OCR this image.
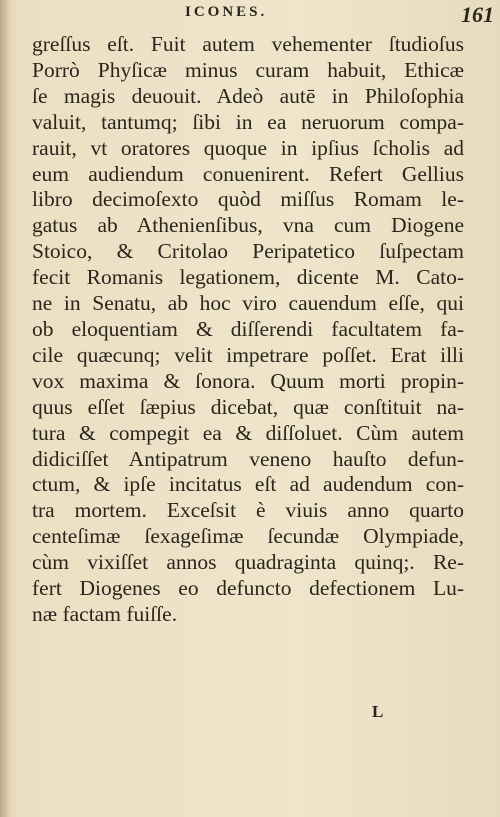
ICONES.	161
greſſus eſt. Fuit autem vehementer ſtudioſus
Porrò Phyſicæ minus curam habuit, Ethicæ
ſe magis deuouit. Adeò autē in Philoſophia
valuit, tantumq; ſibi in ea neruorum compa-
rauit, vt oratores quoque in ipſius ſcholis ad
eum audiendum conuenirent. Refert Gellius
libro decimoſexto quòd miſſus Romam le-
gatus ab Athenienſibus, vna cum Diogene
Stoico, & Critolao Peripatetico ſuſpectam
fecit Romanis legationem, dicente M. Cato-
ne in Senatu, ab hoc viro cauendum eſſe, qui
ob eloquentiam & diſſerendi facultatem fa-
cile quæcunq; velit impetrare poſſet. Erat illi
vox maxima & ſonora. Quum morti propin-
quus eſſet ſæpius dicebat, quæ conſtituit na-
tura & compegit ea & diſſoluet. Cùm autem
didiciſſet Antipatrum veneno hauſto defun-
ctum, & ipſe incitatus eſt ad audendum con-
tra mortem. Exceſsit è viuis anno quarto
centeſimæ ſexageſimæ ſecundæ Olympiade,
cùm vixiſſet annos quadraginta quinq;. Re-
fert Diogenes eo defuncto defectionem Lu-
næ factam fuiſſe.
L
